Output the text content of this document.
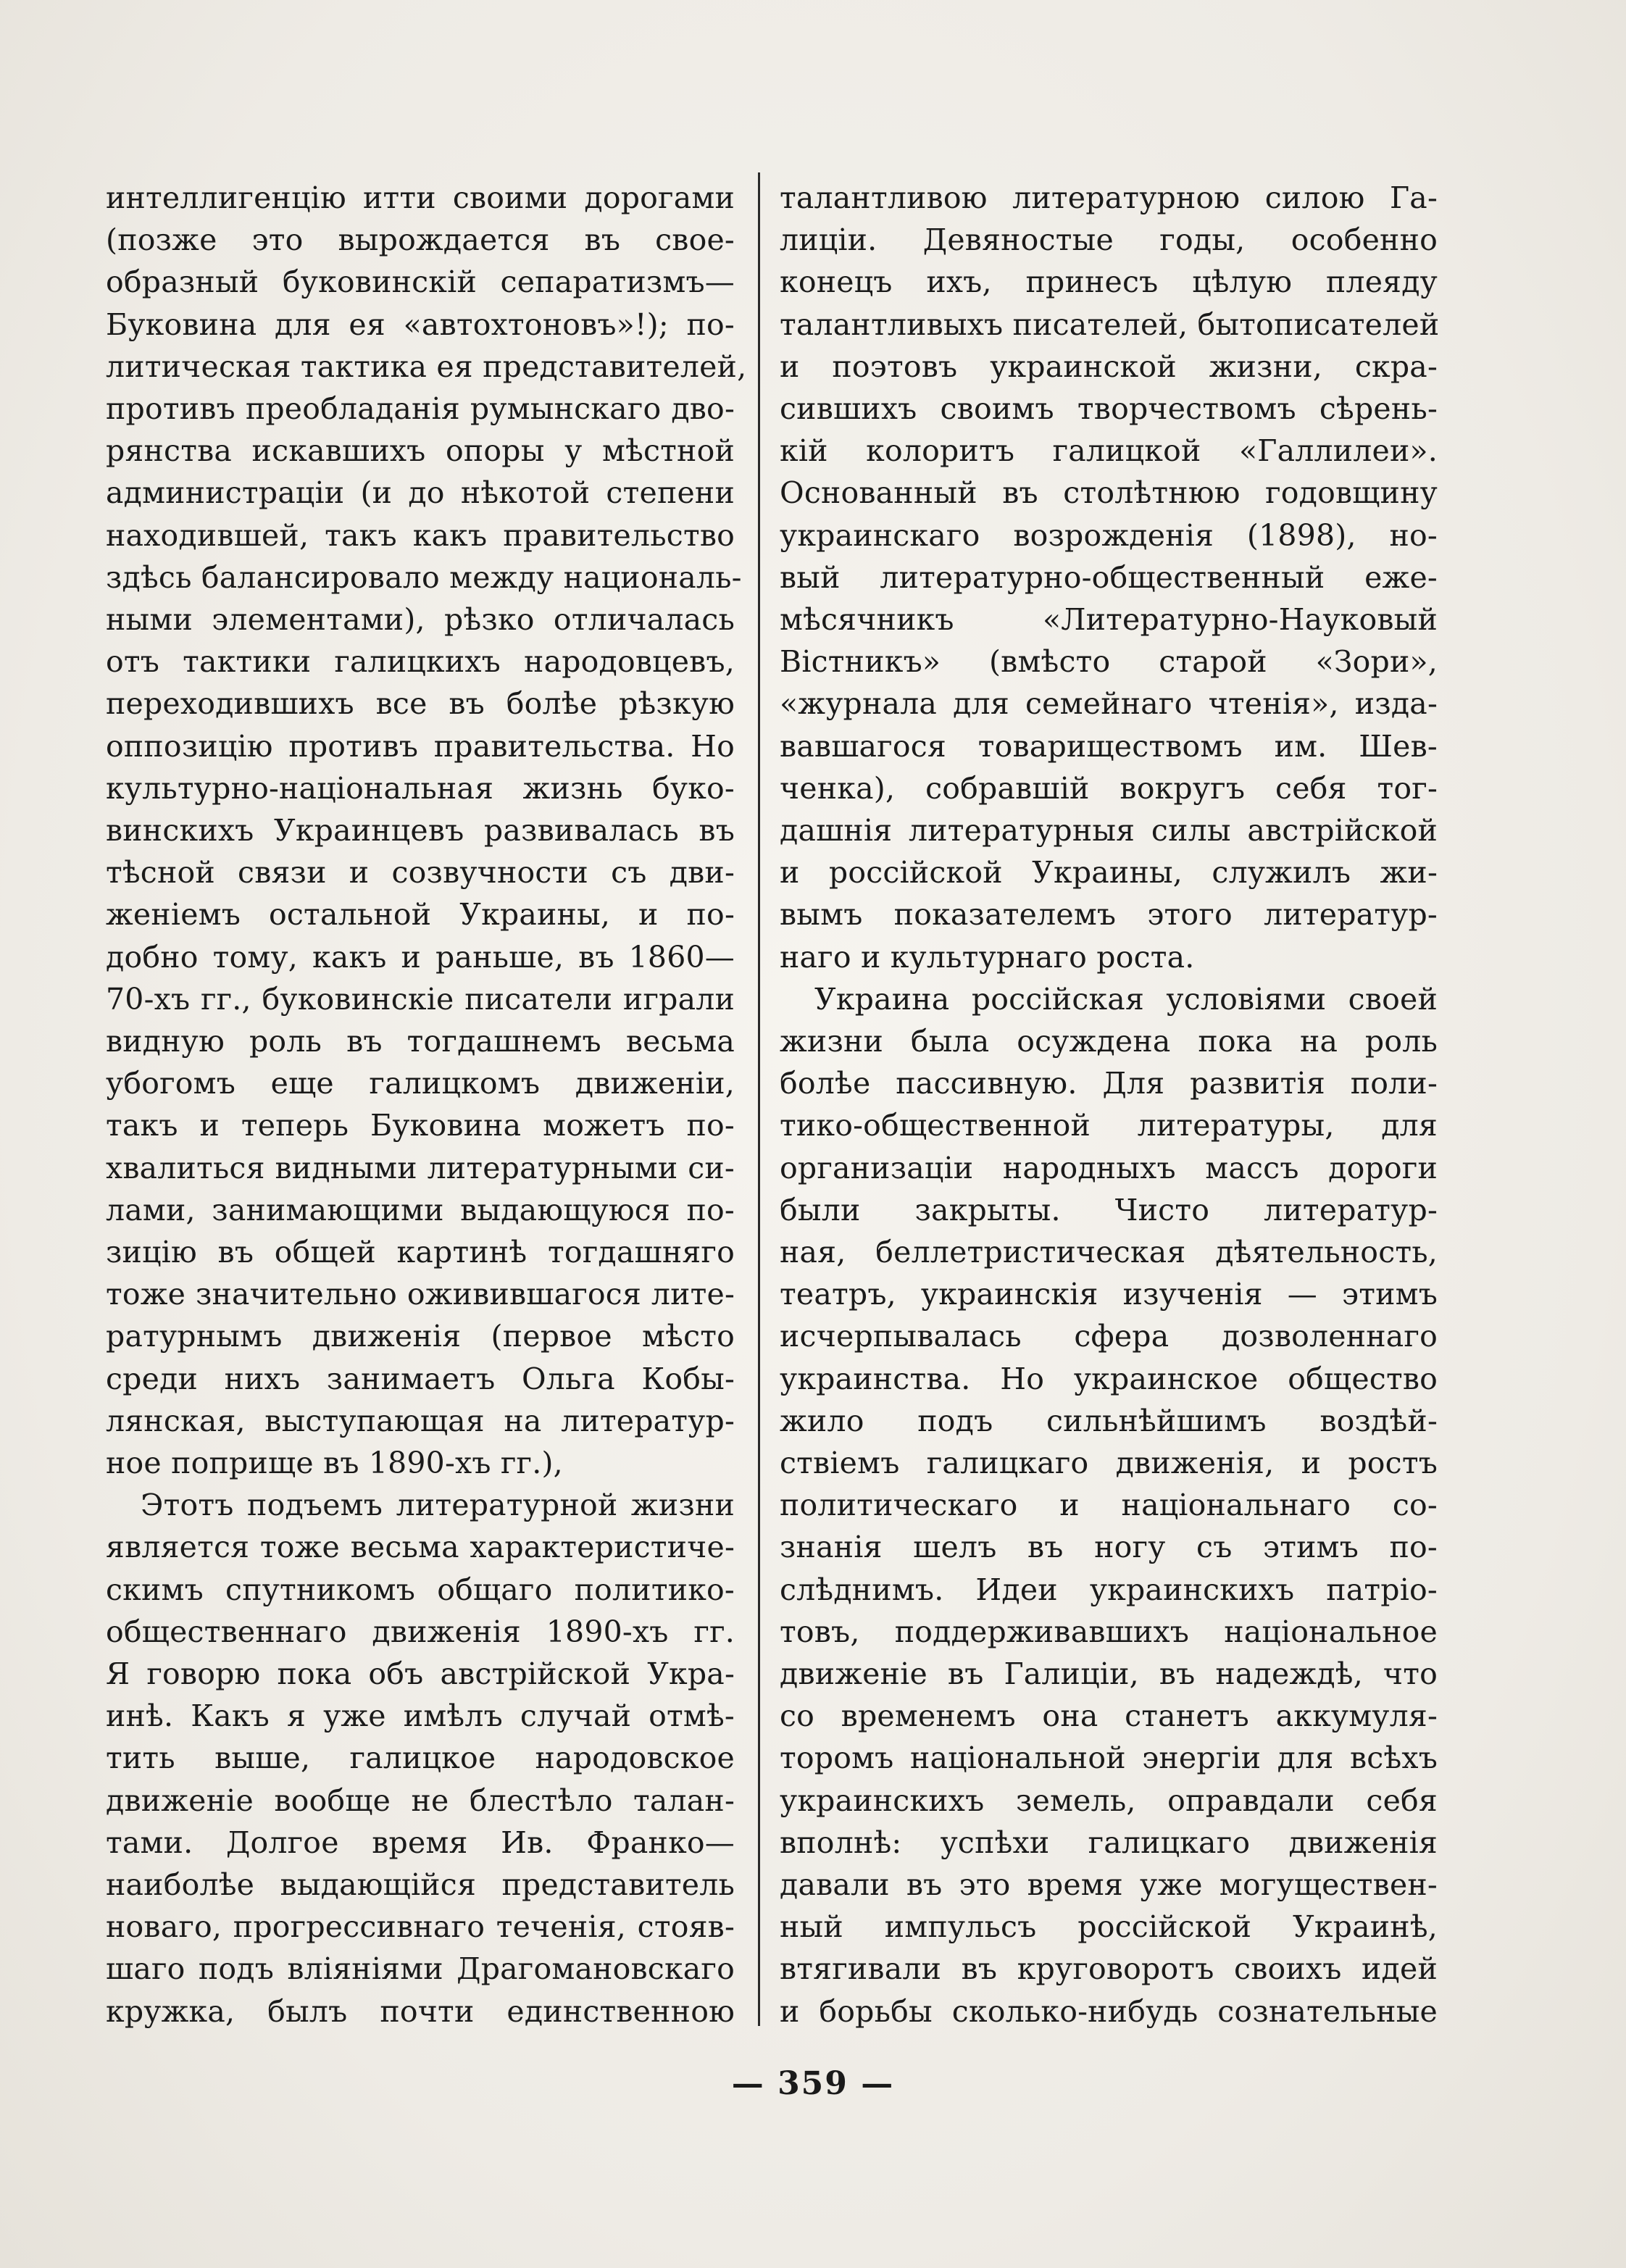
интеллигенцію итти своими дорогами
(позже это вырождается въ свое-
образный буковинскій сепаратизмъ—
Буковина для ея «автохтоновъ»!); по-
литическая тактика ея представителей,
противъ преобладанія румынскаго дво-
рянства искавшихъ опоры у мѣстной
администраціи (и до нѣкотой степени
находившей, такъ какъ правительство
здѣсь балансировало между националь-
ными элементами), рѣзко отличалась
отъ тактики галицкихъ народовцевъ,
переходившихъ все въ болѣе рѣзкую
оппозицію противъ правительства. Но
культурно-національная жизнь буко-
винскихъ Украинцевъ развивалась въ
тѣсной связи и созвучности съ дви-
женіемъ остальной Украины, и по-
добно тому, какъ и раньше, въ 1860—
70-хъ гг., буковинскіе писатели играли
видную роль въ тогдашнемъ весьма
убогомъ еще галицкомъ движеніи,
такъ и теперь Буковина можетъ по-
хвалиться видными литературными си-
лами, занимающими выдающуюся по-
зицію въ общей картинѣ тогдашняго
тоже значительно оживившагося лите-
ратурнымъ движенія (первое мѣсто
среди нихъ занимаетъ Ольга Кобы-
лянская, выступающая на литератур-
ное поприще въ 1890-хъ гг.),
Этотъ подъемъ литературной жизни
является тоже весьма характеристиче-
скимъ спутникомъ общаго политико-
общественнаго движенія 1890-хъ гг.
Я говорю пока объ австрійской Укра-
инѣ. Какъ я уже имѣлъ случай отмѣ-
тить выше, галицкое народовское
движеніе вообще не блестѣло талан-
тами. Долгое время Ив. Франко—
наиболѣе выдающійся представитель
новаго, прогрессивнаго теченія, стояв-
шаго подъ вліяніями Драгомановскаго
кружка, былъ почти единственною
талантливою литературною силою Га-
лиціи. Девяностые годы, особенно
конецъ ихъ, принесъ цѣлую плеяду
талантливыхъ писателей, бытописателей
и поэтовъ украинской жизни, скра-
сившихъ своимъ творчествомъ сѣрень-
кій колоритъ галицкой «Галлилеи».
Основанный въ столѣтнюю годовщину
украинскаго возрожденія (1898), но-
вый литературно-общественный еже-
мѣсячникъ «Литературно-Науковый
Вістникъ» (вмѣсто старой «Зори»,
«журнала для семейнаго чтенія», изда-
вавшагося товариществомъ им. Шев-
ченка), собравшій вокругъ себя тог-
дашнія литературныя силы австрійской
и россійской Украины, служилъ жи-
вымъ показателемъ этого литератур-
наго и культурнаго роста.
Украина россійская условіями своей
жизни была осуждена пока на роль
болѣе пассивную. Для развитія поли-
тико-общественной литературы, для
организаціи народныхъ массъ дороги
были закрыты. Чисто литератур-
ная, беллетристическая дѣятельность,
театръ, украинскія изученія — этимъ
исчерпывалась сфера дозволеннаго
украинства. Но украинское общество
жило подъ сильнѣйшимъ воздѣй-
ствіемъ галицкаго движенія, и ростъ
политическаго и національнаго со-
знанія шелъ въ ногу съ этимъ по-
слѣднимъ. Идеи украинскихъ патріо-
товъ, поддерживавшихъ національное
движеніе въ Галиціи, въ надеждѣ, что
со временемъ она станетъ аккумуля-
торомъ національной энергіи для всѣхъ
украинскихъ земель, оправдали себя
вполнѣ: успѣхи галицкаго движенія
давали въ это время уже могуществен-
ный импульсъ россійской Украинѣ,
втягивали въ круговоротъ своихъ идей
и борьбы сколько-нибудь сознательные
— 359 —
